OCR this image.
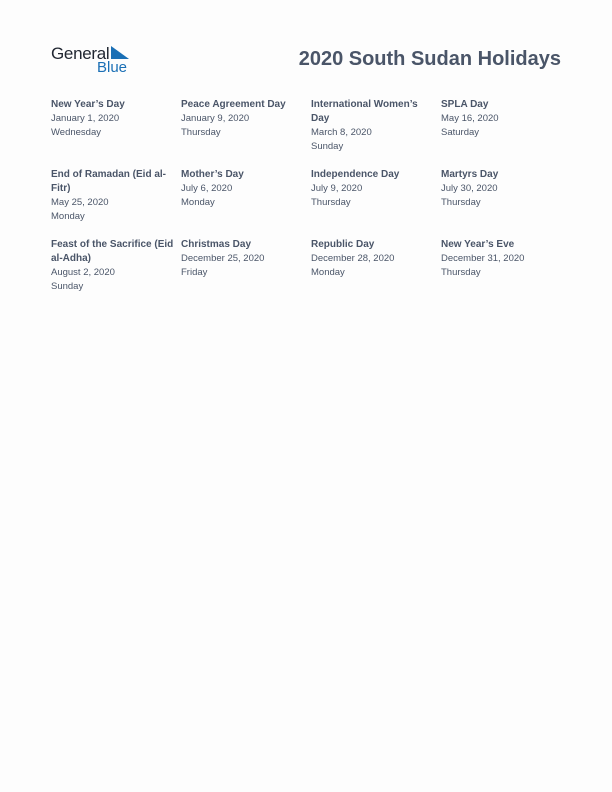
General
Blue	2020 South Sudan Holidays
New Year’s Day
January 1, 2020
Wednesday
Peace Agreement Day
January 9, 2020
Thursday
International Women’s Day
March 8, 2020
Sunday
SPLA Day
May 16, 2020
Saturday
End of Ramadan (Eid al-Fitr)
May 25, 2020
Monday
Mother’s Day
July 6, 2020
Monday
Independence Day
July 9, 2020
Thursday
Martyrs Day
July 30, 2020
Thursday
Feast of the Sacrifice (Eid al-Adha)
August 2, 2020
Sunday
Christmas Day
December 25, 2020
Friday
Republic Day
December 28, 2020
Monday
New Year’s Eve
December 31, 2020
Thursday
